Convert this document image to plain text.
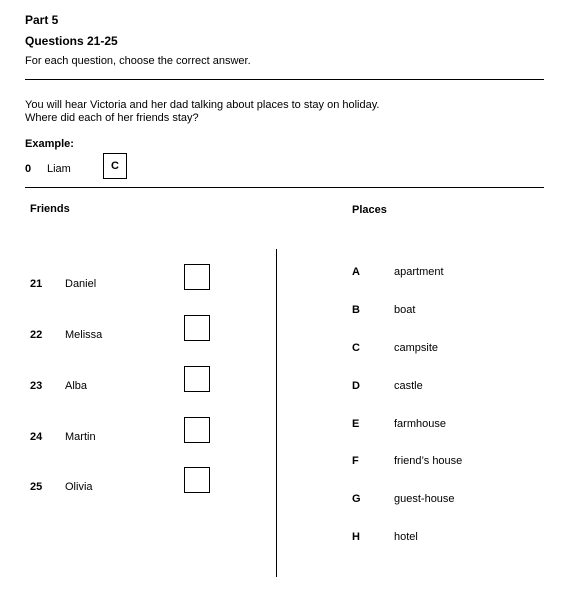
Part 5
Questions 21-25
For each question, choose the correct answer.
You will hear Victoria and her dad talking about places to stay on holiday.
Where did each of her friends stay?
Example:
0 Liam	C
Friends	Places
21 Daniel
22 Melissa
23 Alba
24 Martin
25 Olivia
A	apartment
B	boat
C	campsite
D	castle
E	farmhouse
F	friend’s house
G	guest-house
H	hotel
